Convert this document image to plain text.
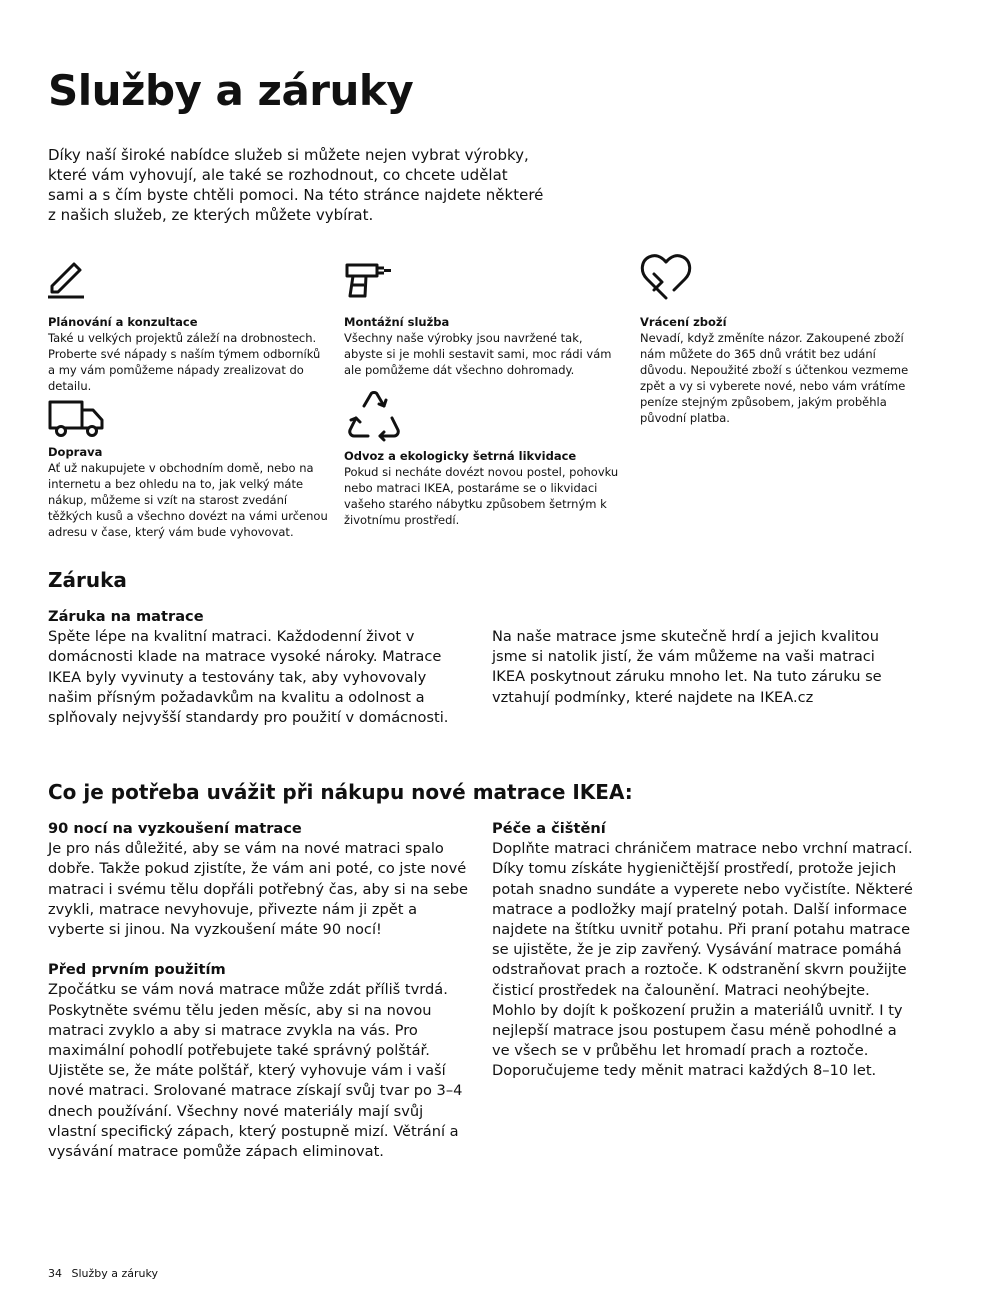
Služby a záruky

Díky naší široké nabídce služeb si můžete nejen vybrat výrobky, které vám vyhovují, ale také se rozhodnout, co chcete udělat sami a s čím byste chtěli pomoci. Na této stránce najdete některé z našich služeb, ze kterých můžete vybírat.

Plánování a konzultace
Také u velkých projektů záleží na drobnostech. Proberte své nápady s naším týmem odborníků a my vám pomůžeme nápady zrealizovat do detailu.
Montážní služba
Všechny naše výrobky jsou navržené tak, abyste si je mohli sestavit sami, moc rádi vám ale pomůžeme dát všechno dohromady.
Vrácení zboží
Nevadí, když změníte názor. Zakoupené zboží nám můžete do 365 dnů vrátit bez udání důvodu. Nepoužité zboží s účtenkou vezmeme zpět a vy si vyberete nové, nebo vám vrátíme peníze stejným způsobem, jakým proběhla původní platba.
Doprava
Ať už nakupujete v obchodním domě, nebo na internetu a bez ohledu na to, jak velký máte nákup, můžeme si vzít na starost zvedání těžkých kusů a všechno dovézt na vámi určenou adresu v čase, který vám bude vyhovovat.
Odvoz a ekologicky šetrná likvidace
Pokud si necháte dovézt novou postel, pohovku nebo matraci IKEA, postaráme se o likvidaci vašeho starého nábytku způsobem šetrným k životnímu prostředí.
Záruka
Záruka na matrace
Spěte lépe na kvalitní matraci. Každodenní život v domácnosti klade na matrace vysoké nároky. Matrace IKEA byly vyvinuty a testovány tak, aby vyhovovaly našim přísným požadavkům na kvalitu a odolnost a splňovaly nejvyšší standardy pro použití v domácnosti.
Na naše matrace jsme skutečně hrdí a jejich kvalitou jsme si natolik jistí, že vám můžeme na vaši matraci IKEA poskytnout záruku mnoho let. Na tuto záruku se vztahují podmínky, které najdete na IKEA.cz
Co je potřeba uvážit při nákupu nové matrace IKEA:
90 nocí na vyzkoušení matrace
Je pro nás důležité, aby se vám na nové matraci spalo dobře. Takže pokud zjistíte, že vám ani poté, co jste nové matraci i svému tělu dopřáli potřebný čas, aby si na sebe zvykli, matrace nevyhovuje, přivezte nám ji zpět a vyberte si jinou. Na vyzkoušení máte 90 nocí!
Před prvním použitím
Zpočátku se vám nová matrace může zdát příliš tvrdá. Poskytněte svému tělu jeden měsíc, aby si na novou matraci zvyklo a aby si matrace zvykla na vás. Pro maximální pohodlí potřebujete také správný polštář. Ujistěte se, že máte polštář, který vyhovuje vám i vaší nové matraci. Srolované matrace získají svůj tvar po 3–4 dnech používání. Všechny nové materiály mají svůj vlastní specifický zápach, který postupně mizí. Větrání a vysávání matrace pomůže zápach eliminovat.
Péče a čištění
Doplňte matraci chráničem matrace nebo vrchní matrací. Díky tomu získáte hygieničtější prostředí, protože jejich potah snadno sundáte a vyperete nebo vyčistíte. Některé matrace a podložky mají pratelný potah. Další informace najdete na štítku uvnitř potahu. Při praní potahu matrace se ujistěte, že je zip zavřený. Vysávání matrace pomáhá odstraňovat prach a roztoče. K odstranění skvrn použijte čisticí prostředek na čalounění. Matraci neohýbejte. Mohlo by dojít k poškození pružin a materiálů uvnitř. I ty nejlepší matrace jsou postupem času méně pohodlné a ve všech se v průběhu let hromadí prach a roztoče. Doporučujeme tedy měnit matraci každých 8–10 let.
34 Služby a záruky
